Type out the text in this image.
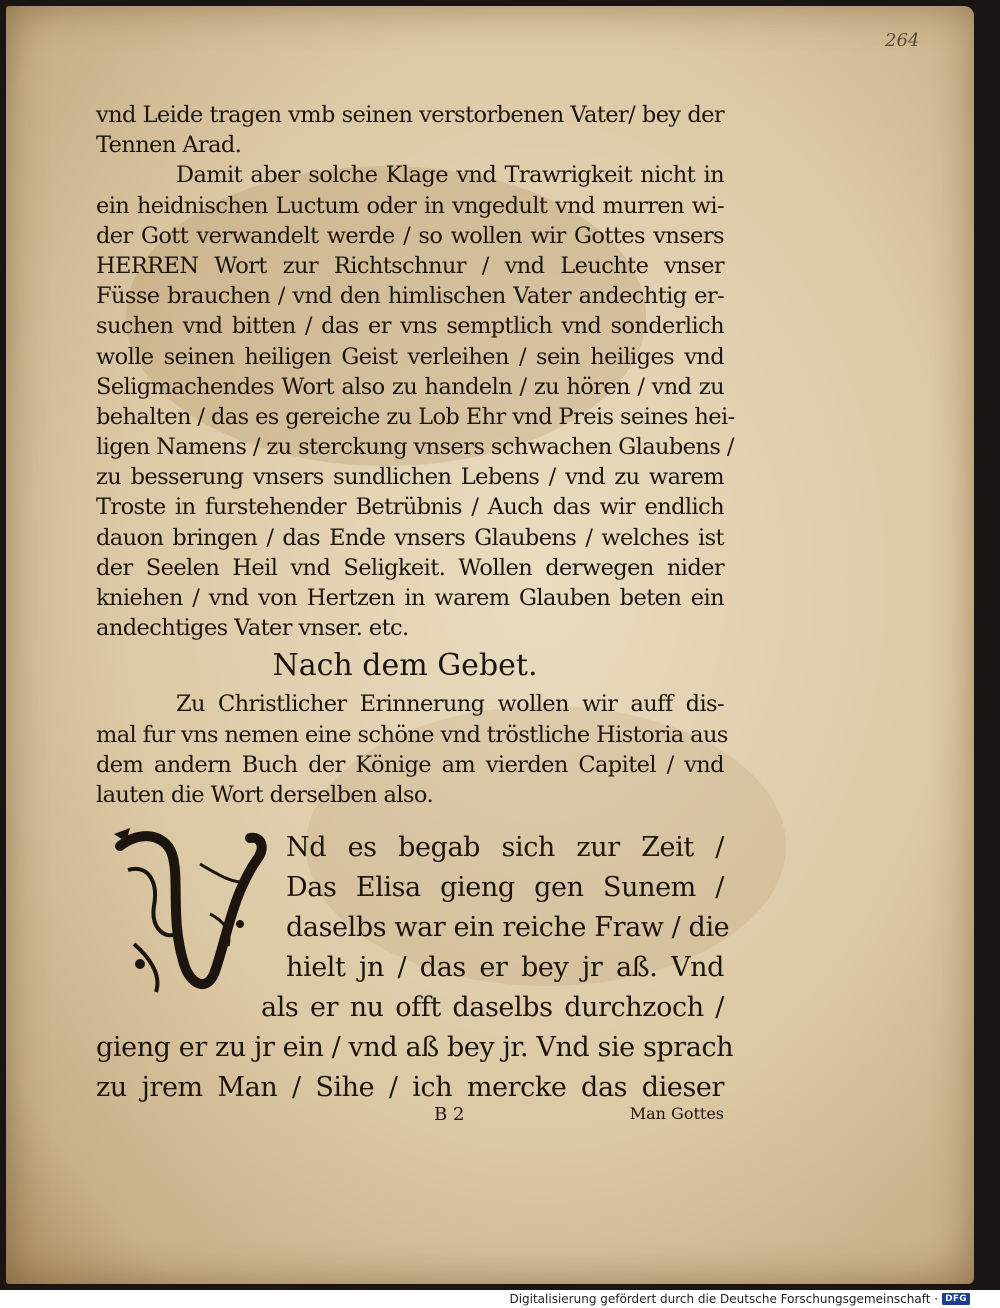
264
vnd Leide tragen vmb seinen verstorbenen Vater/ bey der
Tennen Arad.
Damit aber solche Klage vnd Trawrigkeit nicht in
ein heidnischen Luctum oder in vngedult vnd murren wi-
der Gott verwandelt werde / so wollen wir Gottes vnsers
HERREN Wort zur Richtschnur / vnd Leuchte vnser
Füsse brauchen / vnd den himlischen Vater andechtig er-
suchen vnd bitten / das er vns semptlich vnd sonderlich
wolle seinen heiligen Geist verleihen / sein heiliges vnd
Seligmachendes Wort also zu handeln / zu hören / vnd zu
behalten / das es gereiche zu Lob Ehr vnd Preis seines hei-
ligen Namens / zu sterckung vnsers schwachen Glaubens /
zu besserung vnsers sundlichen Lebens / vnd zu warem
Troste in furstehender Betrübnis / Auch das wir endlich
dauon bringen / das Ende vnsers Glaubens / welches ist
der Seelen Heil vnd Seligkeit. Wollen derwegen nider
kniehen / vnd von Hertzen in warem Glauben beten ein
andechtiges Vater vnser. etc.
Nach dem Gebet.
Zu Christlicher Erinnerung wollen wir auff dis-
mal fur vns nemen eine schöne vnd tröstliche Historia aus
dem andern Buch der Könige am vierden Capitel / vnd
lauten die Wort derselben also.
Nd es begab sich zur Zeit /
Das Elisa gieng gen Sunem /
daselbs war ein reiche Fraw / die
hielt jn / das er bey jr aß. Vnd
als er nu offt daselbs durchzoch /
gieng er zu jr ein / vnd aß bey jr. Vnd sie sprach
zu jrem Man / Sihe / ich mercke das dieser
B 2	Man Gottes
Digitalisierung gefördert durch die Deutsche Forschungsgemeinschaft · DFG
